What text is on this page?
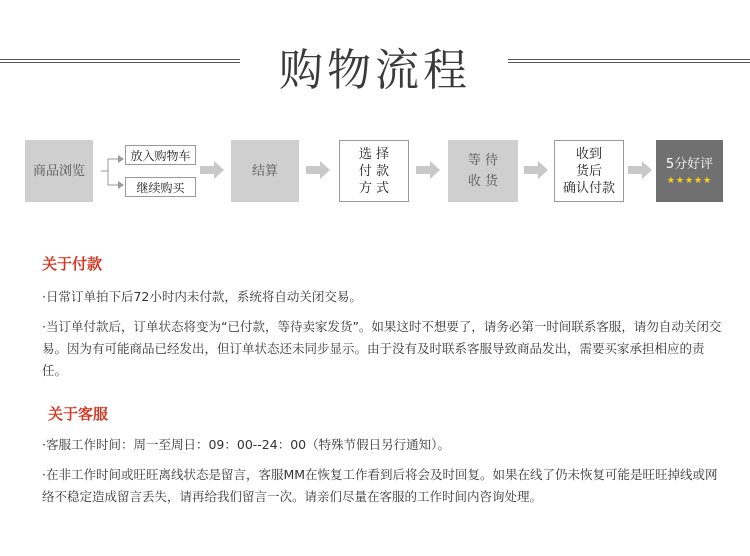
购物流程
商品浏览
放入购物车
继续购买
结算
选 择
付 款
方 式
等 待
收 货
收到
货后
确认付款
5分好评
★★★★★
关于付款
·日常订单拍下后72小时内未付款，系统将自动关闭交易。
·当订单付款后，订单状态将变为“已付款，等待卖家发货”。如果这时不想要了，请务必第一时间联系客服，请勿自动关闭交易。因为有可能商品已经发出，但订单状态还未同步显示。由于没有及时联系客服导致商品发出，需要买家承担相应的责任。
关于客服
·客服工作时间：周一至周日：09：00--24：00（特殊节假日另行通知）。
·在非工作时间或旺旺离线状态是留言，客服MM在恢复工作看到后将会及时回复。如果在线了仍未恢复可能是旺旺掉线或网络不稳定造成留言丢失，请再给我们留言一次。请亲们尽量在客服的工作时间内咨询处理。
